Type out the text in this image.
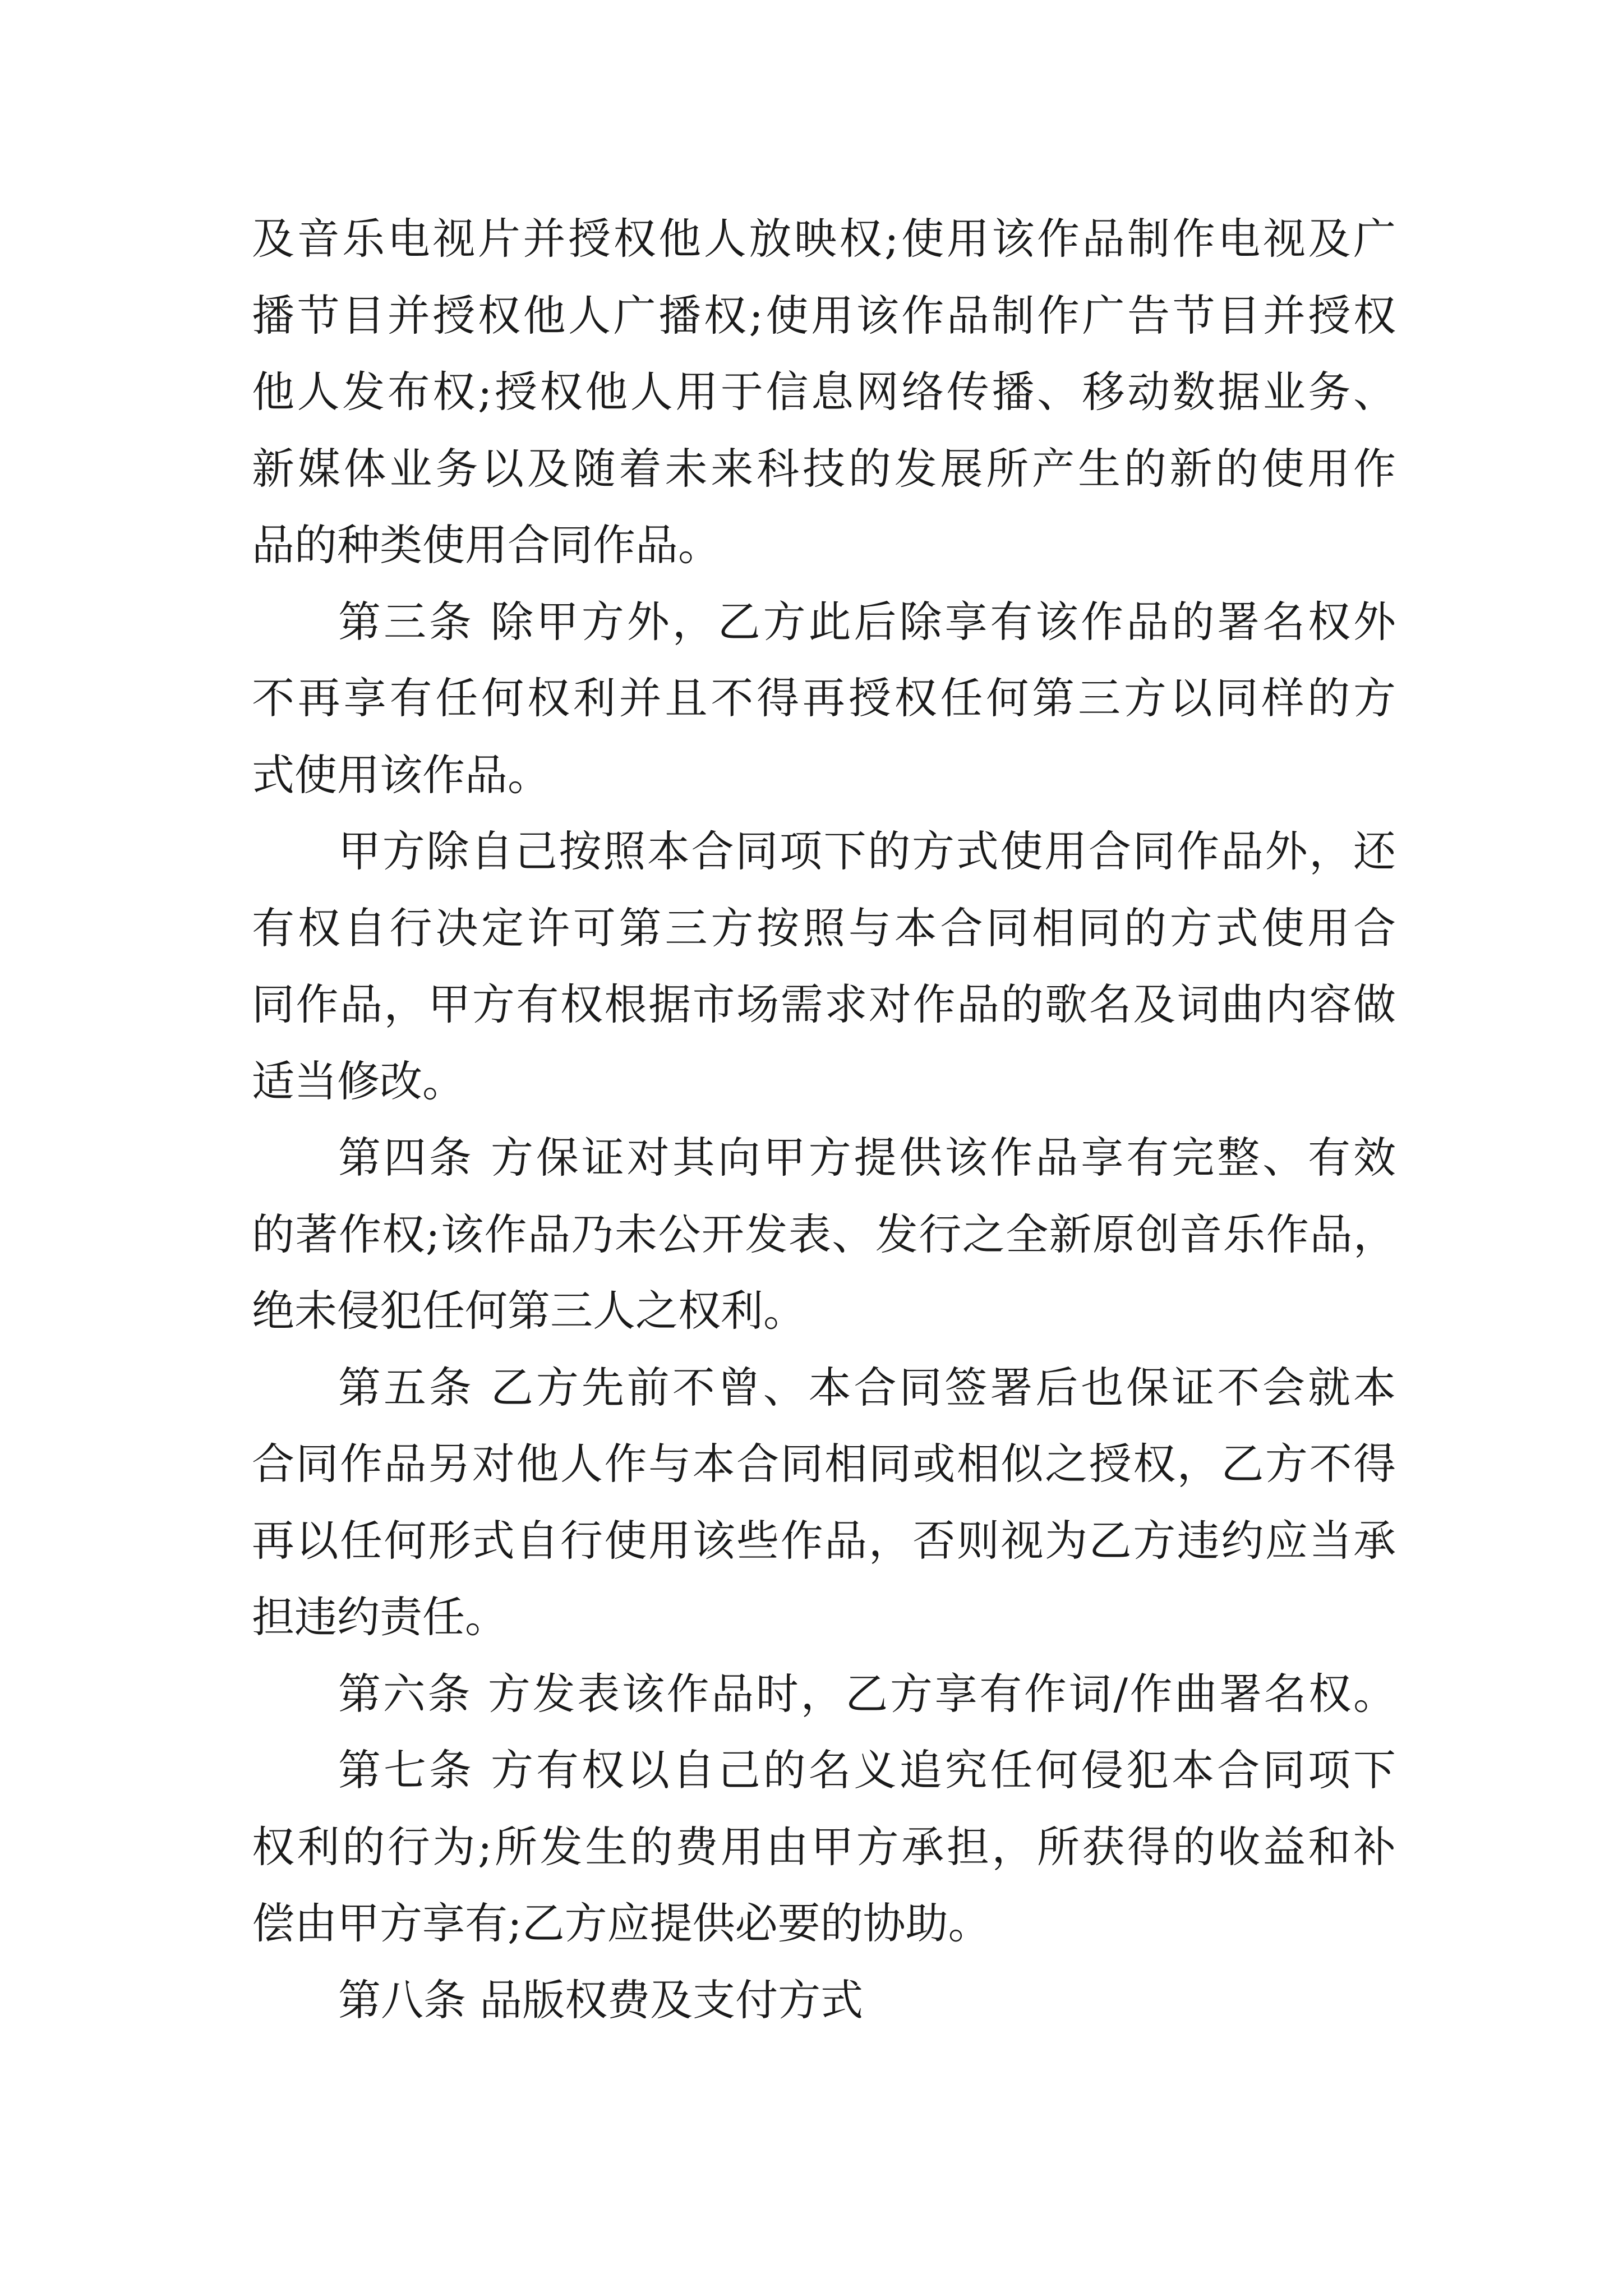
及音乐电视片并授权他人放映权;使用该作品制作电视及广
播节目并授权他人广播权;使用该作品制作广告节目并授权
他人发布权;授权他人用于信息网络传播、移动数据业务、
新媒体业务以及随着未来科技的发展所产生的新的使用作
品的种类使用合同作品。
第三条 除甲方外，乙方此后除享有该作品的署名权外
不再享有任何权利并且不得再授权任何第三方以同样的方
式使用该作品。
甲方除自己按照本合同项下的方式使用合同作品外，还
有权自行决定许可第三方按照与本合同相同的方式使用合
同作品，甲方有权根据市场需求对作品的歌名及词曲内容做
适当修改。
第四条 方保证对其向甲方提供该作品享有完整、有效
的著作权;该作品乃未公开发表、发行之全新原创音乐作品，
绝未侵犯任何第三人之权利。
第五条 乙方先前不曾、本合同签署后也保证不会就本
合同作品另对他人作与本合同相同或相似之授权，乙方不得
再以任何形式自行使用该些作品，否则视为乙方违约应当承
担违约责任。
第六条 方发表该作品时，乙方享有作词/作曲署名权。
第七条 方有权以自己的名义追究任何侵犯本合同项下
权利的行为;所发生的费用由甲方承担，所获得的收益和补
偿由甲方享有;乙方应提供必要的协助。
第八条 品版权费及支付方式
